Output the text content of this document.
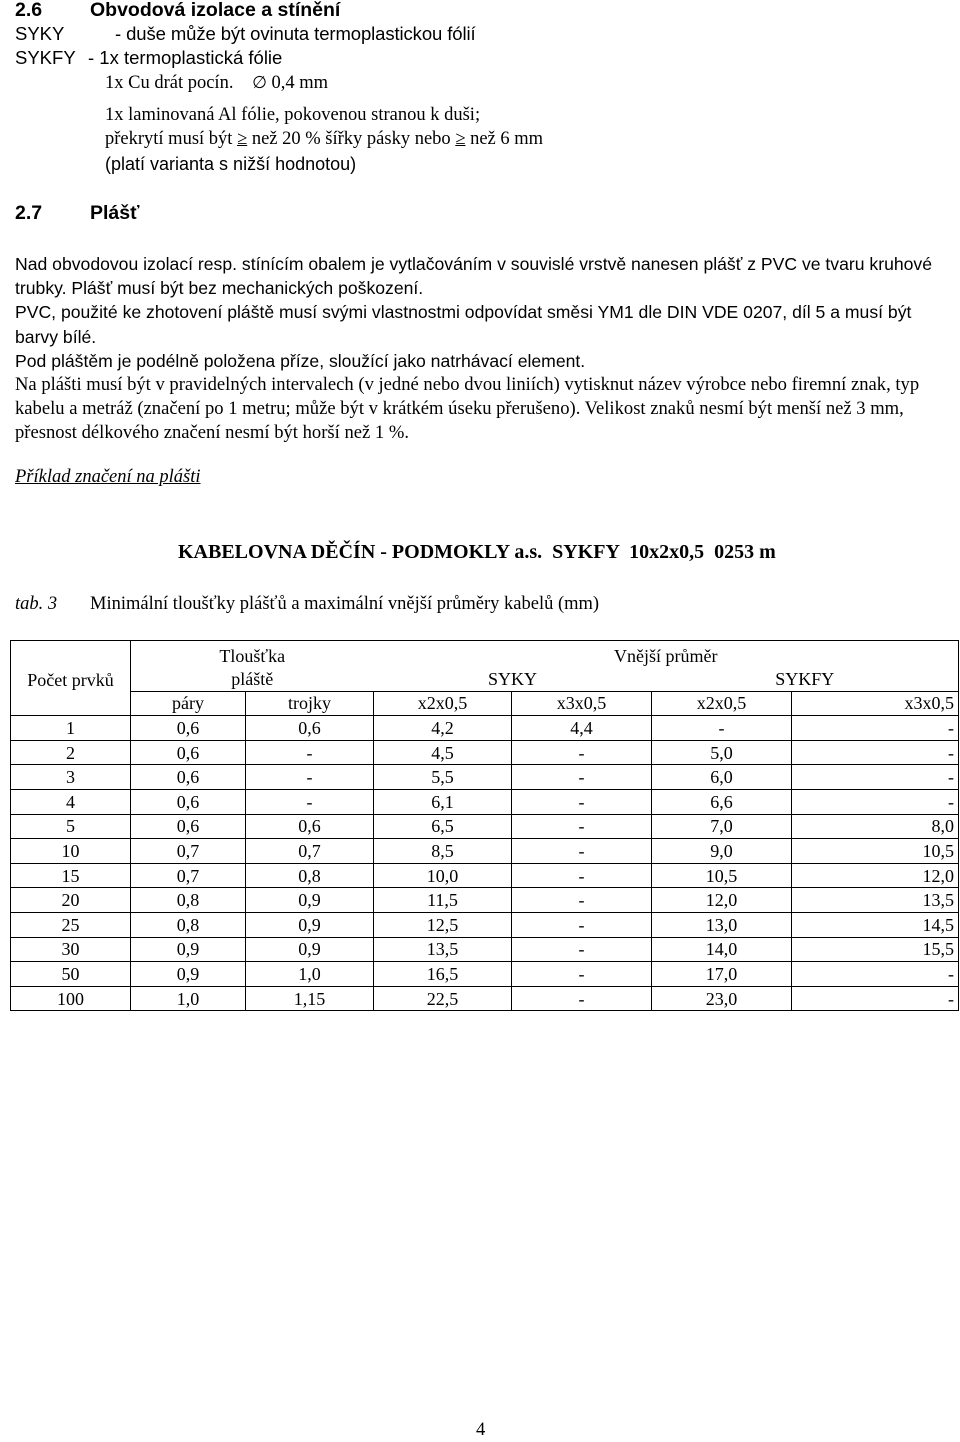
2.6 Obvodová izolace a stínění
SYKY	- duše může být ovinuta termoplastickou fólií
SYKFY - 1x termoplastická fólie
1x Cu drát pocín. ∅ 0,4 mm
1x laminovaná Al fólie, pokovenou stranou k duši;
překrytí musí být ≥ než 20 % šířky pásky nebo ≥ než 6 mm
(platí varianta s nižší hodnotou)
2.7 Plášť

Nad obvodovou izolací resp. stínícím obalem je vytlačováním v souvislé vrstvě nanesen plášť z PVC ve tvaru kruhové trubky. Plášť musí být bez mechanických poškození.

PVC, použité ke zhotovení pláště musí svými vlastnostmi odpovídat směsi YM1 dle DIN VDE 0207, díl 5 a musí být barvy bílé.

Pod pláštěm je podélně položena příze, sloužící jako natrhávací element.

Na plášti musí být v pravidelných intervalech (v jedné nebo dvou liniích) vytisknut název výrobce nebo firemní znak, typ kabelu a metráž (značení po 1 metru; může být v krátkém úseku přerušeno). Velikost znaků nesmí být menší než 3 mm, přesnost délkového značení nesmí být horší než 1 %.

Příklad značení na plášti
KABELOVNA DĚČÍN - PODMOKLY a.s.  SYKFY  10x2x0,5  0253 m
tab. 3 Minimální tloušťky plášťů a maximální vnější průměry kabelů (mm)
Počet prvků	Tloušťka		Vnější průměr			
	pláště		SYKY		SYKFY	
	páry	trojky	x2x0,5	x3x0,5	x2x0,5	x3x0,5
1	0,6	0,6	4,2	4,4	-	-
2	0,6	-	4,5	-	5,0	-
3	0,6	-	5,5	-	6,0	-
4	0,6	-	6,1	-	6,6	-
5	0,6	0,6	6,5	-	7,0	8,0
10	0,7	0,7	8,5	-	9,0	10,5
15	0,7	0,8	10,0	-	10,5	12,0
20	0,8	0,9	11,5	-	12,0	13,5
25	0,8	0,9	12,5	-	13,0	14,5
30	0,9	0,9	13,5	-	14,0	15,5
50	0,9	1,0	16,5	-	17,0	-
100	1,0	1,15	22,5	-	23,0	-
4
